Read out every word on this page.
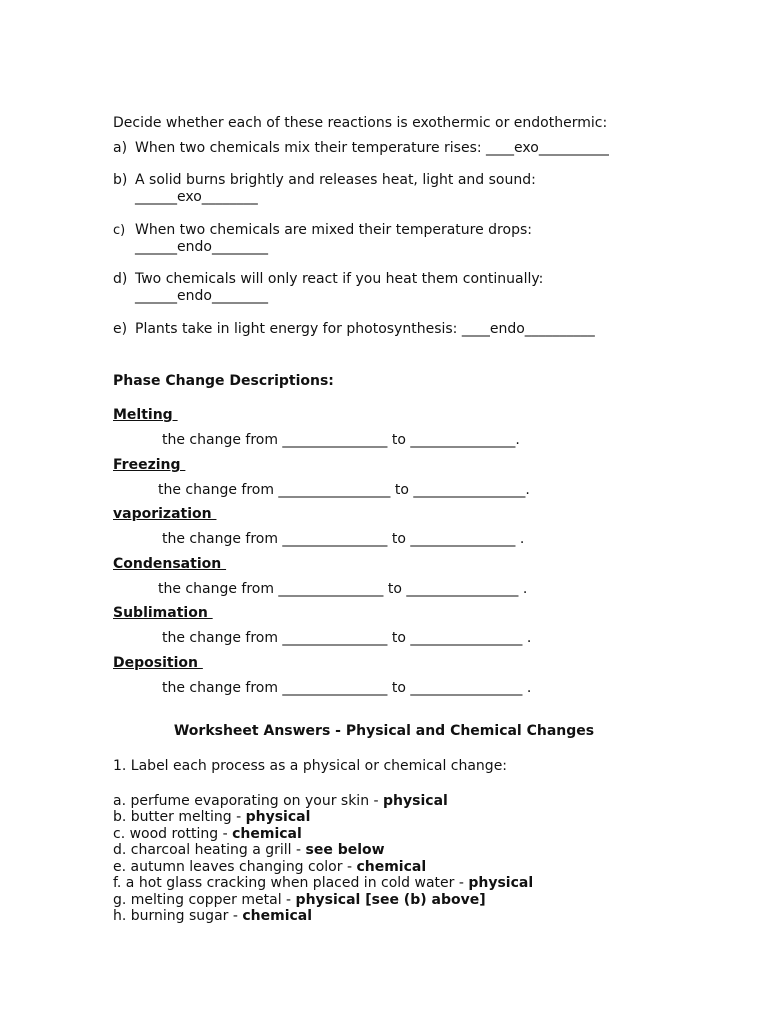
Decide whether each of these reactions is exothermic or endothermic:
a) When two chemicals mix their temperature rises: ____exo__________
b) A solid burns brightly and releases heat, light and sound:
______exo________
c) When two chemicals are mixed their temperature drops:
______endo________
d) Two chemicals will only react if you heat them continually:
______endo________
e) Plants take in light energy for photosynthesis: ____endo__________
Phase Change Descriptions:
Melting
the change from _______________ to _______________.
Freezing
the change from ________________ to ________________.
vaporization
the change from _______________ to _______________ .
Condensation
the change from _______________ to ________________ .
Sublimation
the change from _______________ to ________________ .
Deposition
the change from _______________ to ________________ .
Worksheet Answers - Physical and Chemical Changes
1. Label each process as a physical or chemical change:
a. perfume evaporating on your skin - physical
b. butter melting - physical
c. wood rotting - chemical
d. charcoal heating a grill - see below
e. autumn leaves changing color - chemical
f. a hot glass cracking when placed in cold water - physical
g. melting copper metal - physical [see (b) above]
h. burning sugar - chemical
